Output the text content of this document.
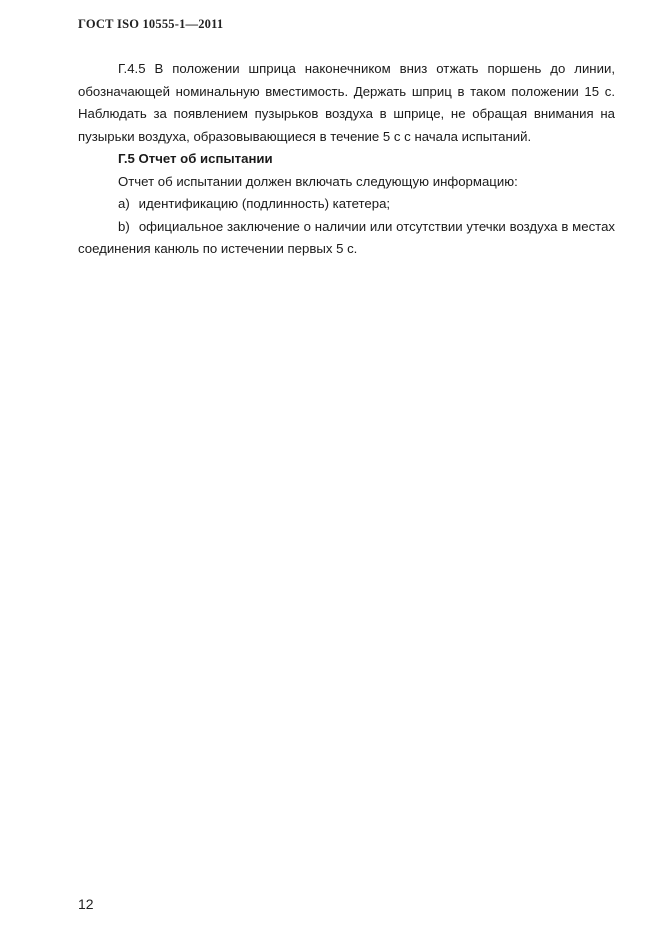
ГОСТ ISO 10555-1—2011

Г.4.5 В положении шприца наконечником вниз отжать поршень до линии, обозначающей номинальную вместимость. Держать шприц в таком положении 15 с. Наблюдать за появлением пузырьков воздуха в шприце, не обращая внимания на пузырьки воздуха, образовывающиеся в течение 5 с с начала испытаний.

Г.5 Отчет об испытании

Отчет об испытании должен включать следующую информацию:

a) идентификацию (подлинность) катетера;

b) официальное заключение о наличии или отсутствии утечки воздуха в местах соединения канюль по истечении первых 5 с.

12
